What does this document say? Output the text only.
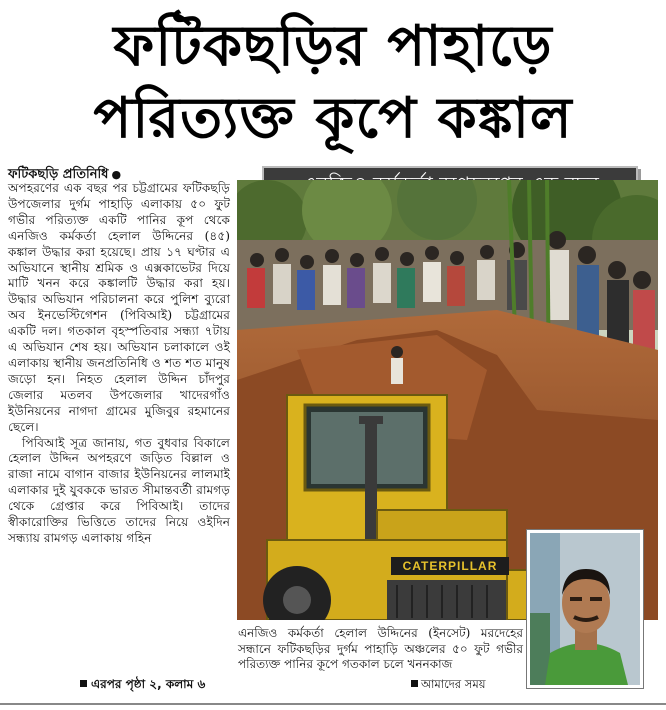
ফটিকছড়ির পাহাড়ে
পরিত্যক্ত কূপে কঙ্কাল
ফটিকছড়ি প্রতিনিধি ●

অপহরণের এক বছর পর চট্টগ্রামের ফটিকছড়ি উপজেলার দুর্গম পাহাড়ি এলাকায় ৫০ ফুট গভীর পরিত্যক্ত একটি পানির কূপ থেকে এনজিও কর্মকর্তা হেলাল উদ্দিনের (৪৫) কঙ্কাল উদ্ধার করা হয়েছে। প্রায় ১৭ ঘণ্টার এ অভিযানে স্থানীয় শ্রমিক ও এক্সকাভেটর দিয়ে মাটি খনন করে কঙ্কালটি উদ্ধার করা হয়। উদ্ধার অভিযান পরিচালনা করে পুলিশ ব্যুরো অব ইনভেস্টিগেশন (পিবিআই) চট্টগ্রামের একটি দল। গতকাল বৃহস্পতিবার সন্ধ্যা ৭টায় এ অভিযান শেষ হয়। অভিযান চলাকালে ওই এলাকায় স্থানীয় জনপ্রতিনিধি ও শত শত মানুষ জড়ো হন। নিহত হেলাল উদ্দিন চাঁদপুর জেলার মতলব উপজেলার খাদেরগাঁও ইউনিয়নের নাগদা গ্রামের মুজিবুর রহমানের ছেলে।

পিবিআই সূত্র জানায়, গত বুধবার বিকালে হেলাল উদ্দিন অপহরণে জড়িত বিল্লাল ও রাজা নামে বাগান বাজার ইউনিয়নের লালমাই এলাকার দুই যুবককে ভারত সীমান্তবর্তী রামগড় থেকে গ্রেপ্তার করে পিবিআই। তাদের স্বীকারোক্তির ভিত্তিতে তাদের নিয়ে ওইদিন সন্ধ্যায় রামগড় এলাকায় গহিন

এরপর পৃষ্ঠা ২, কলাম ৬
CATERPILLAR
এনজিও কর্মকর্তা হেলাল উদ্দিনের (ইনসেট) মরদেহের সন্ধানে ফটিকছড়ির দুর্গম পাহাড়ি অঞ্চলের ৫০ ফুট গভীর পরিত্যক্ত পানির কূপে গতকাল চলে খননকাজ
আমাদের সময়
